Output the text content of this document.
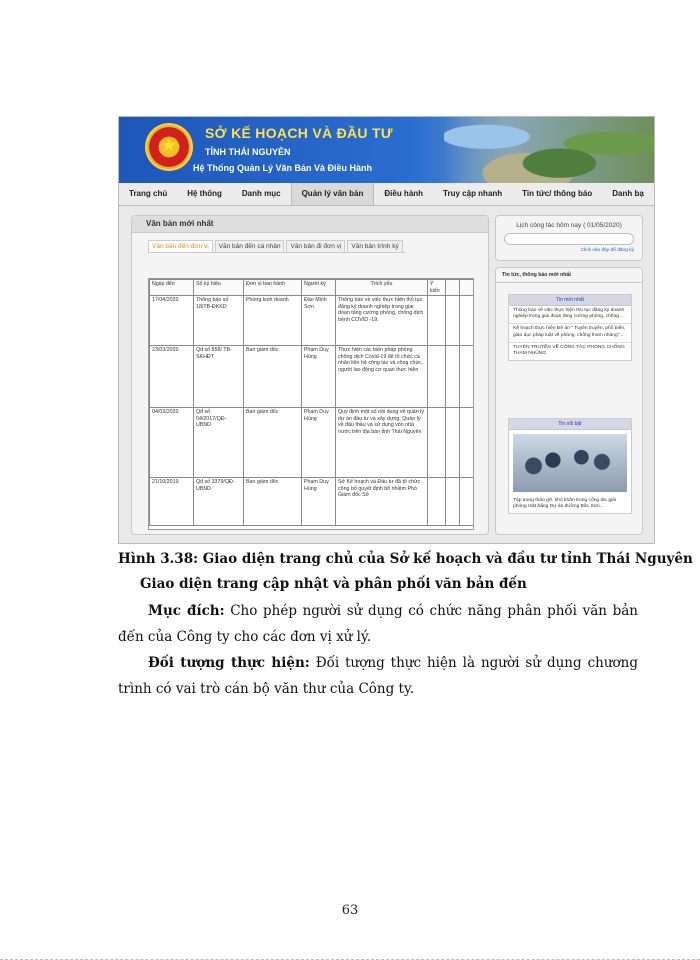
★
SỞ KẾ HOẠCH VÀ ĐẦU TƯ
TỈNH THÁI NGUYÊN
Hệ Thống Quản Lý Văn Bản Và Điều Hành
Trang chủ	Hệ thống	Danh mục	Quản lý văn bản	Điều hành	Truy cập nhanh	Tin tức/ thông báo	Danh bạ
Văn bản mới nhất
Văn bản đến đơn vị	Văn bản đến cá nhân	Văn bản đi đơn vị	Văn bản trình ký
Ngày đến	Số ký hiệu	Đơn vị ban hành	Người ký	Trích yếu	Ý kiến		
17/04/2020	Thông báo số 18/TB-ĐKKD	Phòng kinh doanh	Đào Minh Sơn	Thông báo về việc thực hiện thủ tục đăng ký doanh nghiệp trong giai đoạn tăng cường phòng, chống dịch bệnh COVID -19.			
23/03/2020	Qđ số 558/ TB-SKHĐT	Ban giám đốc	Phạm Duy Hùng	Thực hiện các biện pháp phòng chống dịch Covid-19 để tổ chức cá nhân liên hệ công tác và công chức, người lao động cơ quan thực hiện			
04/03/2020	Qđ số 04/2017/QĐ-UBND	Ban giám đốc	Phạm Duy Hùng	Quy định một số nội dung về quản lý dự án đầu tư và xây dựng; Quản lý về đấu thầu và sử dụng vốn nhà nước trên địa bàn tỉnh Thái Nguyên			
21/10/2019	Qđ số 3379/QĐ-UBND	Ban giám đốc	Phạm Duy Hùng	Sở Kế hoạch và Đầu tư đã tổ chức công bố quyết định bổ nhiệm Phó Giám đốc Sở			
Lịch công tác hôm nay ( 01/05/2020)
Click vào đây để đăng ký
Tin tức, thông báo mới nhất
Tin mới nhất
Thông báo về việc thực hiện thủ tục đăng ký doanh nghiệp trong giai đoạn tăng cường phòng, chống...
Kế hoạch thực hiện Đề án " Tuyên truyền, phổ biến, giáo dục pháp luật về phòng, chống tham nhũng"...
TUYÊN TRUYỀN VỀ CÔNG TÁC PHÒNG CHỐNG THAM NHŨNG
Tin nổi bật
Tập trung tháo gỡ, khó khăn trong công tác giải phóng mặt bằng Dự án đường Bắc Sơn...
Hình 3.38: Giao diện trang chủ của Sở kế hoạch và đầu tư tỉnh Thái Nguyên
Giao diện trang cập nhật và phân phối văn bản đến
Mục đích: Cho phép người sử dụng có chức năng phân phối văn bản đến của Công ty cho các đơn vị xử lý.
Đối tượng thực hiện: Đối tượng thực hiện là người sử dụng chương trình có vai trò cán bộ văn thư của Công ty.
63
